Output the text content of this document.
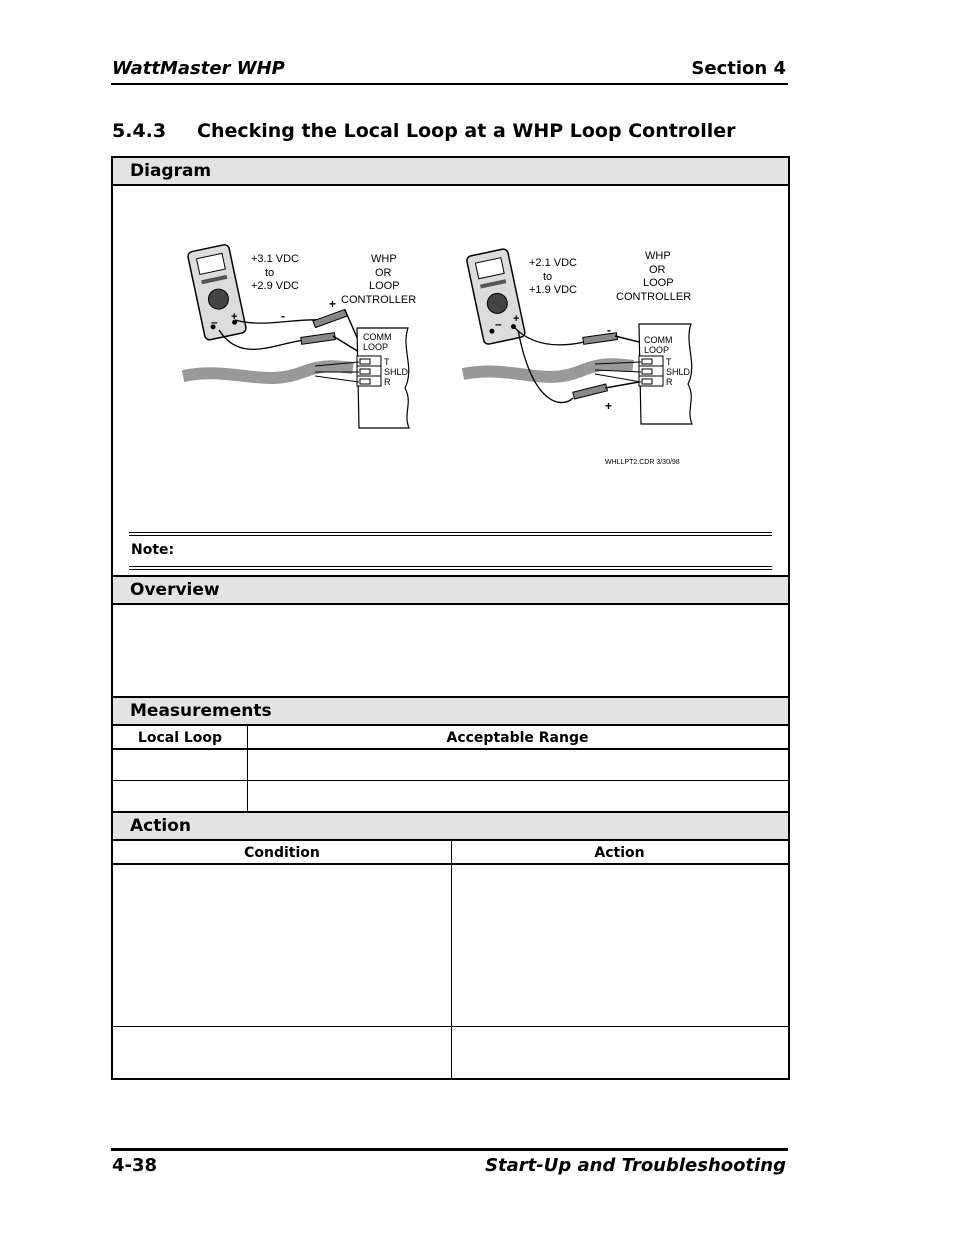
WattMaster WHP	Section 4
5.4.3 Checking the Local Loop at a WHP Loop Controller
Diagram
– +	-
+
+3.1 VDC
to
+2.9 VDC
WHP
OR
LOOP
CONTROLLER
COMM
LOOP
T
SHLD
R
– +
-
+
+2.1 VDC
to
+1.9 VDC
WHP
OR
LOOP
CONTROLLER
COMM
LOOP
T
SHLD
R
WHLLPT2.CDR 3/30/98
Note:
Overview
Measurements
Local Loop	Acceptable Range
Action
Condition	Action
4-38	Start-Up and Troubleshooting
